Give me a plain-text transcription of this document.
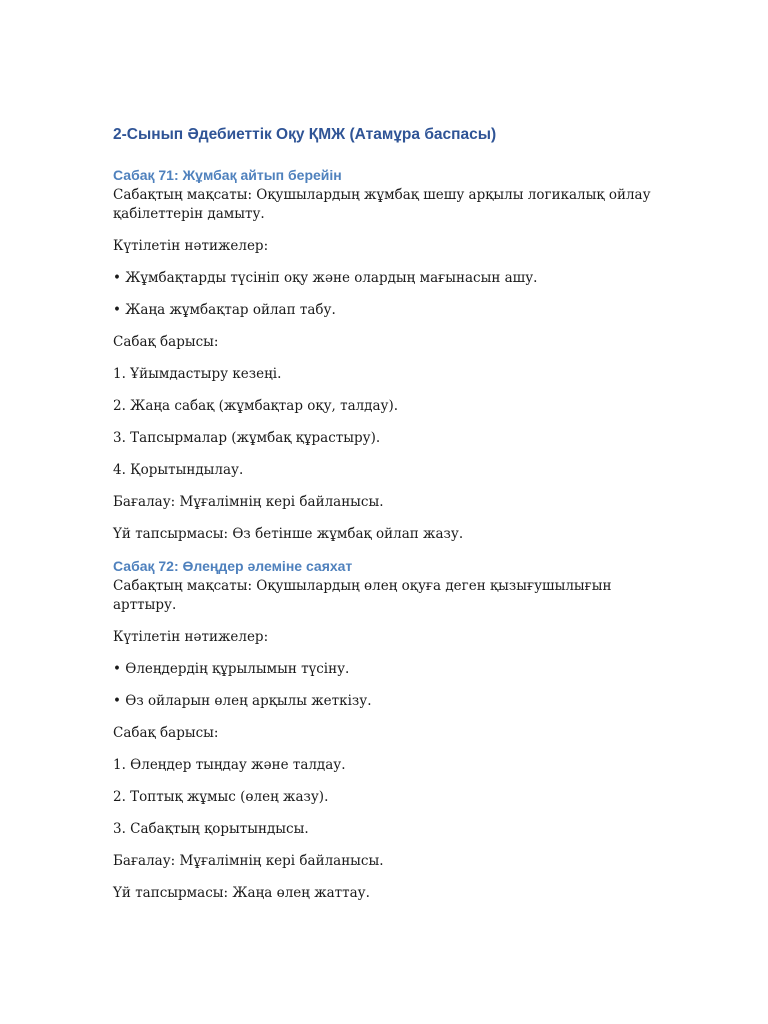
2-Сынып Әдебиеттік Оқу ҚМЖ (Атамұра баспасы)
Сабақ 71: Жұмбақ айтып берейін

Сабақтың мақсаты: Оқушылардың жұмбақ шешу арқылы логикалық ойлау қабілеттерін дамыту.

Күтілетін нәтижелер:

• Жұмбақтарды түсініп оқу және олардың мағынасын ашу.

• Жаңа жұмбақтар ойлап табу.

Сабақ барысы:

1. Ұйымдастыру кезеңі.

2. Жаңа сабақ (жұмбақтар оқу, талдау).

3. Тапсырмалар (жұмбақ құрастыру).

4. Қорытындылау.

Бағалау: Мұғалімнің кері байланысы.

Үй тапсырмасы: Өз бетінше жұмбақ ойлап жазу.

Сабақ 72: Өлеңдер әлеміне саяхат

Сабақтың мақсаты: Оқушылардың өлең оқуға деген қызығушылығын арттыру.

Күтілетін нәтижелер:

• Өлеңдердің құрылымын түсіну.

• Өз ойларын өлең арқылы жеткізу.

Сабақ барысы:

1. Өлеңдер тыңдау және талдау.

2. Топтық жұмыс (өлең жазу).

3. Сабақтың қорытындысы.

Бағалау: Мұғалімнің кері байланысы.

Үй тапсырмасы: Жаңа өлең жаттау.
